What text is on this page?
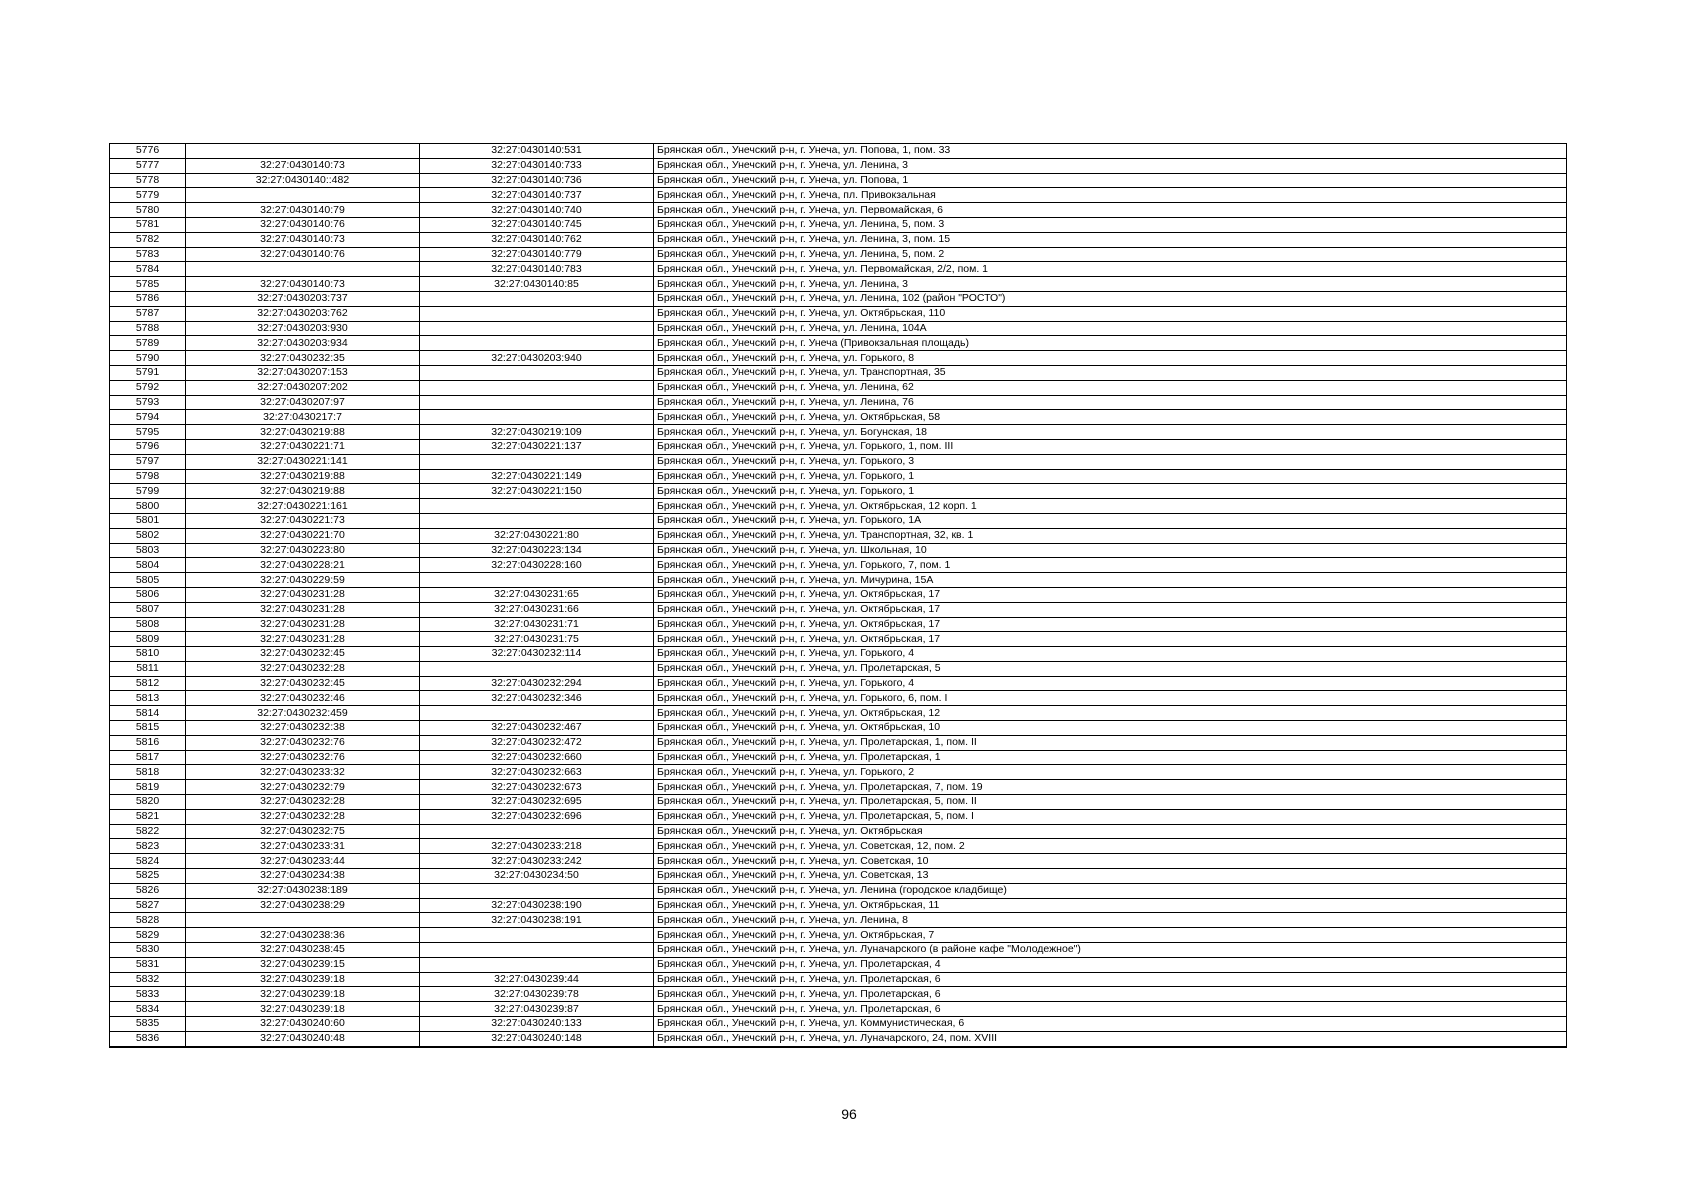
5776		32:27:0430140:531	Брянская обл., Унечский р-н, г. Унеча, ул. Попова, 1, пом. 33
5777	32:27:0430140:73	32:27:0430140:733	Брянская обл., Унечский р-н, г. Унеча, ул. Ленина, 3
5778	32:27:0430140::482	32:27:0430140:736	Брянская обл., Унечский р-н, г. Унеча, ул. Попова, 1
5779		32:27:0430140:737	Брянская обл., Унечский р-н, г. Унеча, пл. Привокзальная
5780	32:27:0430140:79	32:27:0430140:740	Брянская обл., Унечский р-н, г. Унеча, ул. Первомайская, 6
5781	32:27:0430140:76	32:27:0430140:745	Брянская обл., Унечский р-н, г. Унеча, ул. Ленина, 5, пом. 3
5782	32:27:0430140:73	32:27:0430140:762	Брянская обл., Унечский р-н, г. Унеча, ул. Ленина, 3, пом. 15
5783	32:27:0430140:76	32:27:0430140:779	Брянская обл., Унечский р-н, г. Унеча, ул. Ленина, 5, пом. 2
5784		32:27:0430140:783	Брянская обл., Унечский р-н, г. Унеча, ул. Первомайская, 2/2, пом. 1
5785	32:27:0430140:73	32:27:0430140:85	Брянская обл., Унечский р-н, г. Унеча, ул. Ленина, 3
5786	32:27:0430203:737		Брянская обл., Унечский р-н, г. Унеча, ул. Ленина, 102 (район "РОСТО")
5787	32:27:0430203:762		Брянская обл., Унечский р-н, г. Унеча, ул. Октябрьская, 110
5788	32:27:0430203:930		Брянская обл., Унечский р-н, г. Унеча, ул. Ленина, 104А
5789	32:27:0430203:934		Брянская обл., Унечский р-н, г. Унеча (Привокзальная площадь)
5790	32:27:0430232:35	32:27:0430203:940	Брянская обл., Унечский р-н, г. Унеча, ул. Горького, 8
5791	32:27:0430207:153		Брянская обл., Унечский р-н, г. Унеча, ул. Транспортная, 35
5792	32:27:0430207:202		Брянская обл., Унечский р-н, г. Унеча, ул. Ленина, 62
5793	32:27:0430207:97		Брянская обл., Унечский р-н, г. Унеча, ул. Ленина, 76
5794	32:27:0430217:7		Брянская обл., Унечский р-н, г. Унеча, ул. Октябрьская, 58
5795	32:27:0430219:88	32:27:0430219:109	Брянская обл., Унечский р-н, г. Унеча, ул. Богунская, 18
5796	32:27:0430221:71	32:27:0430221:137	Брянская обл., Унечский р-н, г. Унеча, ул. Горького, 1, пом. III
5797	32:27:0430221:141		Брянская обл., Унечский р-н, г. Унеча, ул. Горького, 3
5798	32:27:0430219:88	32:27:0430221:149	Брянская обл., Унечский р-н, г. Унеча, ул. Горького, 1
5799	32:27:0430219:88	32:27:0430221:150	Брянская обл., Унечский р-н, г. Унеча, ул. Горького, 1
5800	32:27:0430221:161		Брянская обл., Унечский р-н, г. Унеча, ул. Октябрьская, 12 корп. 1
5801	32:27:0430221:73		Брянская обл., Унечский р-н, г. Унеча, ул. Горького, 1А
5802	32:27:0430221:70	32:27:0430221:80	Брянская обл., Унечский р-н, г. Унеча, ул. Транспортная, 32, кв. 1
5803	32:27:0430223:80	32:27:0430223:134	Брянская обл., Унечский р-н, г. Унеча, ул. Школьная, 10
5804	32:27:0430228:21	32:27:0430228:160	Брянская обл., Унечский р-н, г. Унеча, ул. Горького, 7, пом. 1
5805	32:27:0430229:59		Брянская обл., Унечский р-н, г. Унеча, ул. Мичурина, 15А
5806	32:27:0430231:28	32:27:0430231:65	Брянская обл., Унечский р-н, г. Унеча, ул. Октябрьская, 17
5807	32:27:0430231:28	32:27:0430231:66	Брянская обл., Унечский р-н, г. Унеча, ул. Октябрьская, 17
5808	32:27:0430231:28	32:27:0430231:71	Брянская обл., Унечский р-н, г. Унеча, ул. Октябрьская, 17
5809	32:27:0430231:28	32:27:0430231:75	Брянская обл., Унечский р-н, г. Унеча, ул. Октябрьская, 17
5810	32:27:0430232:45	32:27:0430232:114	Брянская обл., Унечский р-н, г. Унеча, ул. Горького, 4
5811	32:27:0430232:28		Брянская обл., Унечский р-н, г. Унеча, ул. Пролетарская, 5
5812	32:27:0430232:45	32:27:0430232:294	Брянская обл., Унечский р-н, г. Унеча, ул. Горького, 4
5813	32:27:0430232:46	32:27:0430232:346	Брянская обл., Унечский р-н, г. Унеча, ул. Горького, 6, пом. I
5814	32:27:0430232:459		Брянская обл., Унечский р-н, г. Унеча, ул. Октябрьская, 12
5815	32:27:0430232:38	32:27:0430232:467	Брянская обл., Унечский р-н, г. Унеча, ул. Октябрьская, 10
5816	32:27:0430232:76	32:27:0430232:472	Брянская обл., Унечский р-н, г. Унеча, ул. Пролетарская, 1, пом. II
5817	32:27:0430232:76	32:27:0430232:660	Брянская обл., Унечский р-н, г. Унеча, ул. Пролетарская, 1
5818	32:27:0430233:32	32:27:0430232:663	Брянская обл., Унечский р-н, г. Унеча, ул. Горького, 2
5819	32:27:0430232:79	32:27:0430232:673	Брянская обл., Унечский р-н, г. Унеча, ул. Пролетарская, 7, пом. 19
5820	32:27:0430232:28	32:27:0430232:695	Брянская обл., Унечский р-н, г. Унеча, ул. Пролетарская, 5, пом. II
5821	32:27:0430232:28	32:27:0430232:696	Брянская обл., Унечский р-н, г. Унеча, ул. Пролетарская, 5, пом. I
5822	32:27:0430232:75		Брянская обл., Унечский р-н, г. Унеча, ул. Октябрьская
5823	32:27:0430233:31	32:27:0430233:218	Брянская обл., Унечский р-н, г. Унеча, ул. Советская, 12, пом. 2
5824	32:27:0430233:44	32:27:0430233:242	Брянская обл., Унечский р-н, г. Унеча, ул. Советская, 10
5825	32:27:0430234:38	32:27:0430234:50	Брянская обл., Унечский р-н, г. Унеча, ул. Советская, 13
5826	32:27:0430238:189		Брянская обл., Унечский р-н, г. Унеча, ул. Ленина (городское кладбище)
5827	32:27:0430238:29	32:27:0430238:190	Брянская обл., Унечский р-н, г. Унеча, ул. Октябрьская, 11
5828		32:27:0430238:191	Брянская обл., Унечский р-н, г. Унеча, ул. Ленина, 8
5829	32:27:0430238:36		Брянская обл., Унечский р-н, г. Унеча, ул. Октябрьская, 7
5830	32:27:0430238:45		Брянская обл., Унечский р-н, г. Унеча, ул. Луначарского (в районе кафе "Молодежное")
5831	32:27:0430239:15		Брянская обл., Унечский р-н, г. Унеча, ул. Пролетарская, 4
5832	32:27:0430239:18	32:27:0430239:44	Брянская обл., Унечский р-н, г. Унеча, ул. Пролетарская, 6
5833	32:27:0430239:18	32:27:0430239:78	Брянская обл., Унечский р-н, г. Унеча, ул. Пролетарская, 6
5834	32:27:0430239:18	32:27:0430239:87	Брянская обл., Унечский р-н, г. Унеча, ул. Пролетарская, 6
5835	32:27:0430240:60	32:27:0430240:133	Брянская обл., Унечский р-н, г. Унеча, ул. Коммунистическая, 6
5836	32:27:0430240:48	32:27:0430240:148	Брянская обл., Унечский р-н, г. Унеча, ул. Луначарского, 24, пом. XVIII
96
